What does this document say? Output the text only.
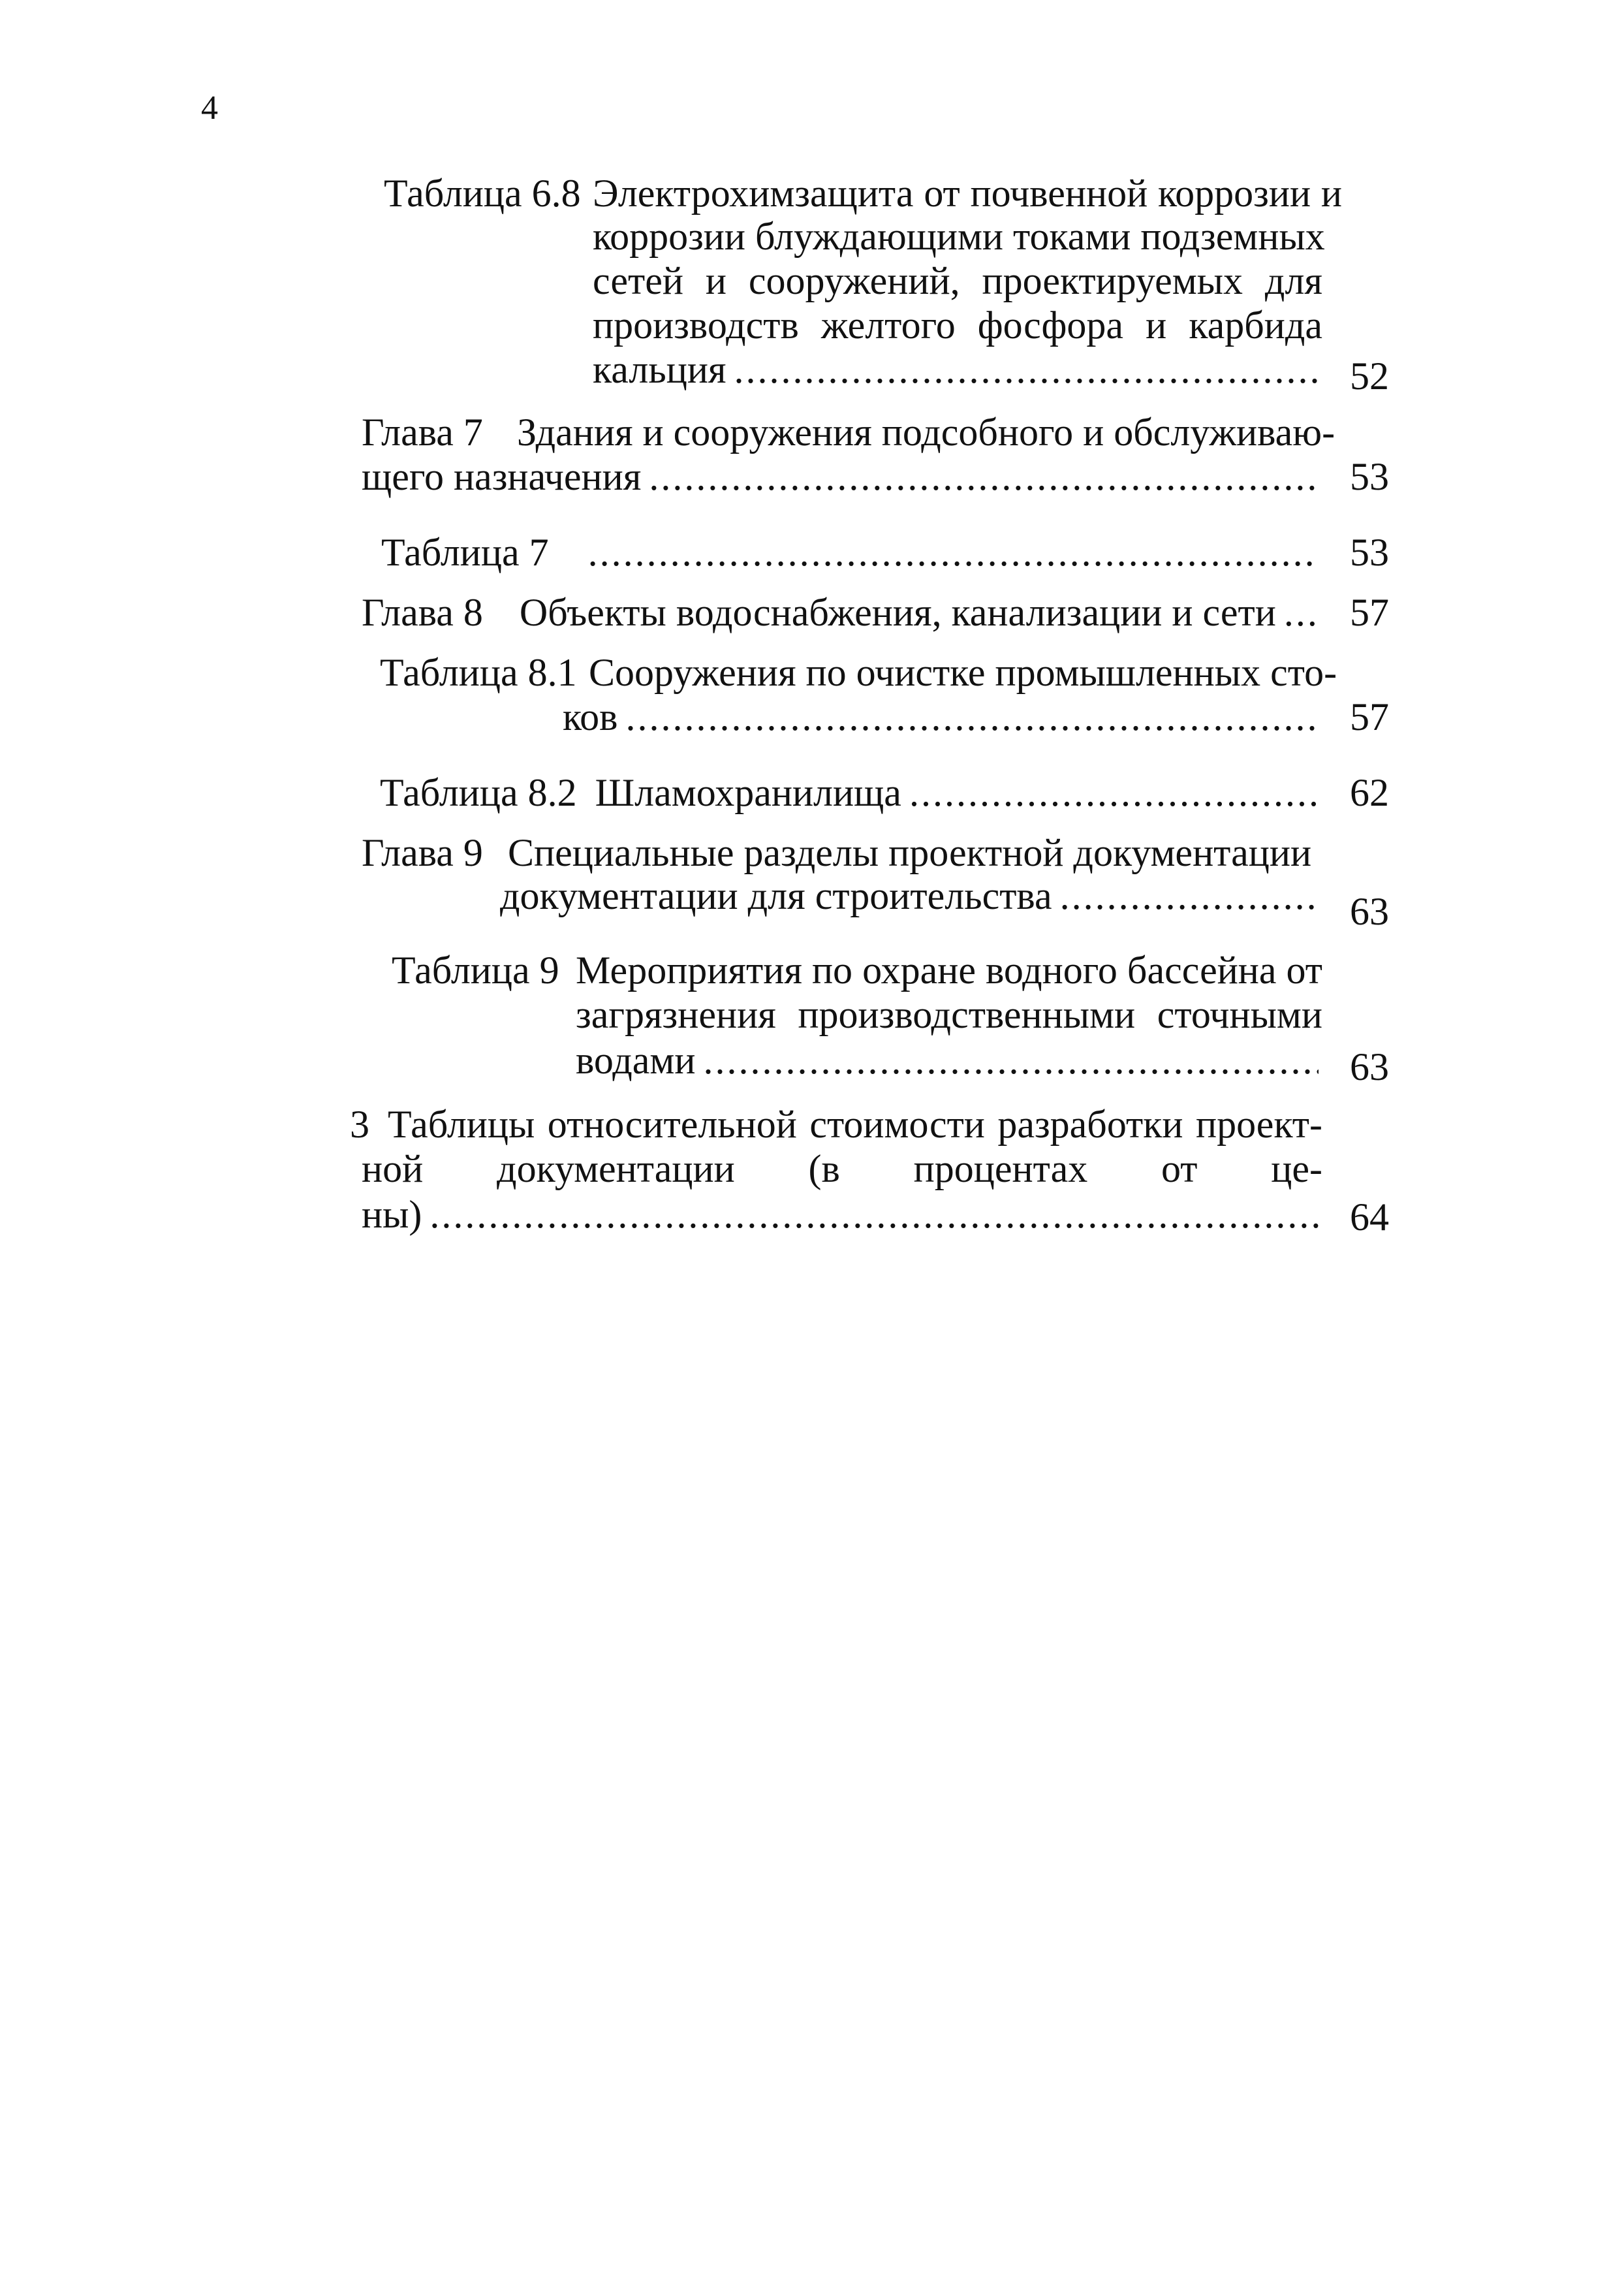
4
Таблица 6.8 Электрохимзащита от почвенной коррозии и
коррозии блуждающими токами подземных
сетей и сооружений, проектируемых для
производств желтого фосфора и карбида
кальция . . .	52
Глава 7 Здания и сооружения подсобного и обслуживаю-
щего назначения . . .	53
Таблица 7 . . .	53
Глава 8 Объекты водоснабжения, канализации и сети . . . 57
Таблица 8.1 Сооружения по очистке промышленных сто-
ков . . .	57
Таблица 8.2 Шламохранилища . . .	62
Глава 9 Специальные разделы проектной документации
документации для строительства . . .	63
Таблица 9 Мероприятия по охране водного бассейна от
загрязнения производственными сточными
водами . . .	63
3 Таблицы относительной стоимости разработки проект-
ной документации (в процентах от це-
ны) . . .	64
